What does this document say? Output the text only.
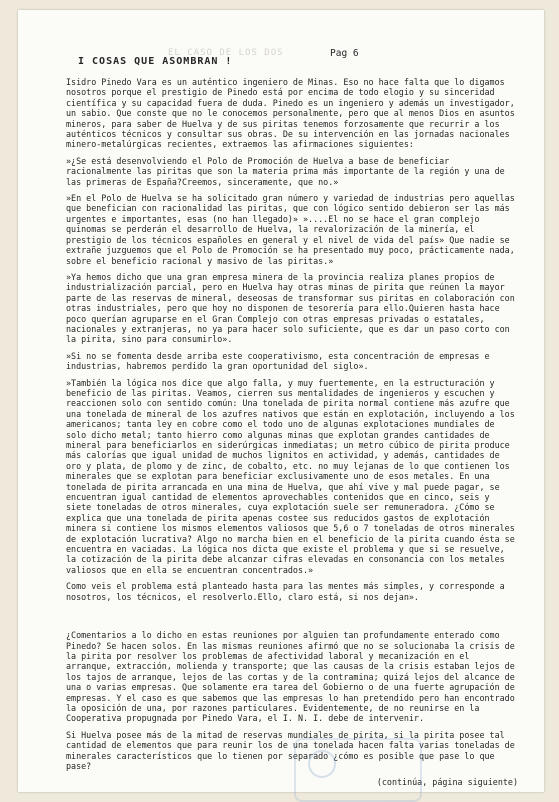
EL CASO DE LOS DOS
I COSAS QUE ASOMBRAN !
Pag 6

Isidro Pinedo Vara es un auténtico ingeniero de Minas. Eso no hace falta que lo digamos nosotros porque el prestigio de Pinedo está por encima de todo elogio y su sinceridad científica y su capacidad fuera de duda. Pinedo es un ingeniero y además un investigador, un sabio. Que conste que no le conocemos personalmente, pero que al menos Dios en asuntos mineros, para saber de Huelva y de sus piritas tenemos forzosamente que recurrir a los auténticos técnicos y consultar sus obras. De su intervención en las jornadas nacionales minero-metalúrgicas recientes, extraemos las afirmaciones siguientes:

»¿Se está desenvolviendo el Polo de Promoción de Huelva a base de beneficiar racionalmente las piritas que son la materia prima más importante de la región y una de las primeras de España?Creemos, sinceramente, que no.»

»En el Polo de Huelva se ha solicitado gran número y variedad de industrias pero aquellas que benefician con racionalidad las piritas, que con lógico sentido debieron ser las más urgentes e importantes, esas (no han llegado)» »....El no se hace el gran complejo quinomas se perderán el desarrollo de Huelva, la revalorización de la minería, el prestigio de los técnicos españoles en general y el nivel de vida del país» Que nadie se extrañe juzguemos que el Polo de Promoción se ha presentado muy poco, prácticamente nada, sobre el beneficio racional y masivo de las piritas.»

»Ya hemos dicho que una gran empresa minera de la provincia realiza planes propios de industrialización parcial, pero en Huelva hay otras minas de pirita que reúnen la mayor parte de las reservas de mineral, deseosas de transformar sus piritas en colaboración con otras industriales, pero que hoy no disponen de tesorería para ello.Quieren hasta hace poco querían agruparse en el Gran Complejo con otras empresas privadas o estatales, nacionales y extranjeras, no ya para hacer solo suficiente, que es dar un paso corto con la pirita, sino para consumirlo».

»Si no se fomenta desde arriba este cooperativismo, esta concentración de empresas e industrias, habremos perdido la gran oportunidad del siglo».

»También la lógica nos dice que algo falla, y muy fuertemente, en la estructuración y beneficio de las piritas. Veamos, cierren sus mentalidades de ingenieros y escuchen y reaccionen solo con sentido común: Una tonelada de pirita normal contiene más azufre que una tonelada de mineral de los azufres nativos que están en explotación, incluyendo a los americanos; tanta ley en cobre como el todo uno de algunas explotaciones mundiales de solo dicho metal; tanto hierro como algunas minas que explotan grandes cantidades de mineral para beneficiarlos en siderúrgicas inmediatas; un metro cúbico de pirita produce más calorías que igual unidad de muchos lignitos en actividad, y además, cantidades de oro y plata, de plomo y de zinc, de cobalto, etc. no muy lejanas de lo que contienen los minerales que se explotan para beneficiar exclusivamente uno de esos metales. En una tonelada de pirita arrancada en una mina de Huelva, que ahí vive y mal puede pagar, se encuentran igual cantidad de elementos aprovechables contenidos que en cinco, seis y siete toneladas de otros minerales, cuya explotación suele ser remuneradora. ¿Cómo se explica que una tonelada de pirita apenas costee sus reducidos gastos de explotación minera si contiene los mismos elementos valiosos que 5,6 o 7 toneladas de otros minerales de explotación lucrativa? Algo no marcha bien en el beneficio de la pirita cuando ésta se encuentra en vaciadas. La lógica nos dicta que existe el problema y que si se resuelve, la cotización de la pirita debe alcanzar cifras elevadas en consonancia con los metales valiosos que en ella se encuentran concentrados.»

Como veis el problema está planteado hasta para las mentes más simples, y corresponde a nosotros, los técnicos, el resolverlo.Ello, claro está, si nos dejan».

¿Comentarios a lo dicho en estas reuniones por alguien tan profundamente enterado como Pinedo? Se hacen solos. En las mismas reuniones afirmó que no se solucionaba la crisis de la pirita por resolver los problemas de afectividad laboral y mecanización en el arranque, extracción, molienda y transporte; que las causas de la crisis estaban lejos de los tajos de arranque, lejos de las cortas y de la contramina; quizá lejos del alcance de una o varias empresas. Que solamente era tarea del Gobierno o de una fuerte agrupación de empresas. Y el caso es que sabemos que las empresas lo han pretendido pero han encontrado la oposición de una, por razones particulares. Evidentemente, de no reunirse en la Cooperativa propugnada por Pinedo Vara, el I. N. I. debe de intervenir.

Si Huelva posee más de la mitad de reservas mundiales de pirita, si la pirita posee tal cantidad de elementos que para reunir los de una tonelada hacen falta varias toneladas de minerales característicos que lo tienen por separado ¿cómo es posible que pase lo que pase?

(continúa, página siguiente)
